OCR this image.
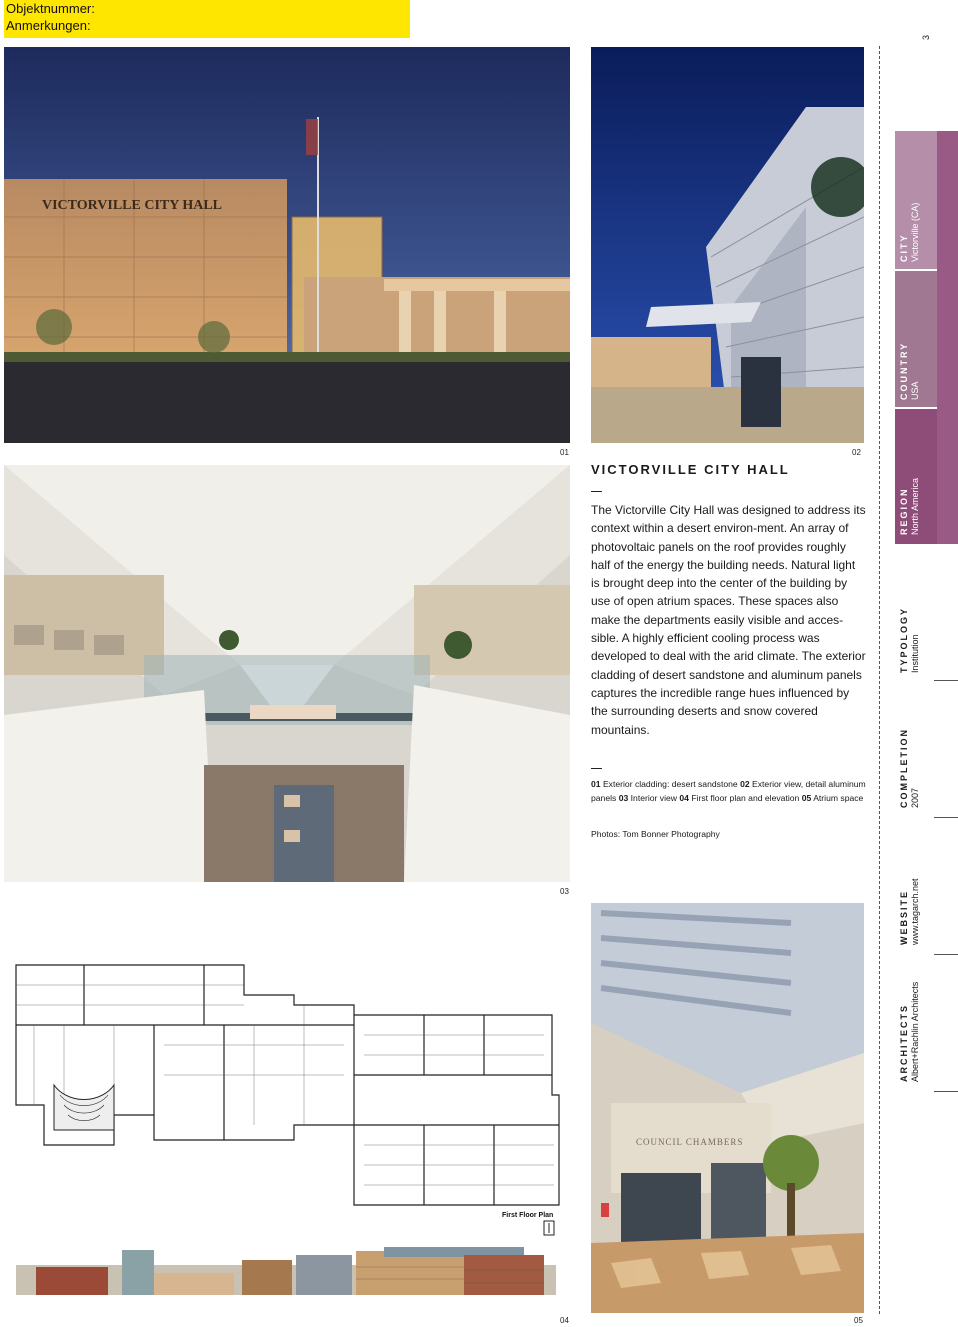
Objektnummer:
Anmerkungen:
VICTORVILLE CITY HALL
01	02
03
First Floor Plan
04
COUNCIL CHAMBERS
05
VICTORVILLE CITY HALL
The Victorville City Hall was designed to address its context within a desert environ-ment. An array of photovoltaic panels on the roof provides roughly half of the energy the building needs. Natural light is brought deep into the center of the building by use of open atrium spaces. These spaces also make the departments easily visible and acces-sible. A highly efficient cooling process was developed to deal with the arid climate. The exterior cladding of desert sandstone and aluminum panels captures the incredible range hues influenced by the surrounding deserts and snow covered mountains.
01 Exterior cladding: desert sandstone 02 Exterior view, detail aluminum panels 03 Interior view 04 First floor plan and elevation 05 Atrium space
Photos: Tom Bonner Photography
3
CITY Victorville (CA)
COUNTRY USA
REGION North America
TYPOLOGY Institution
COMPLETION 2007
WEBSITE www.tagarch.net
ARCHITECTS Albert+Rachlin Architects
